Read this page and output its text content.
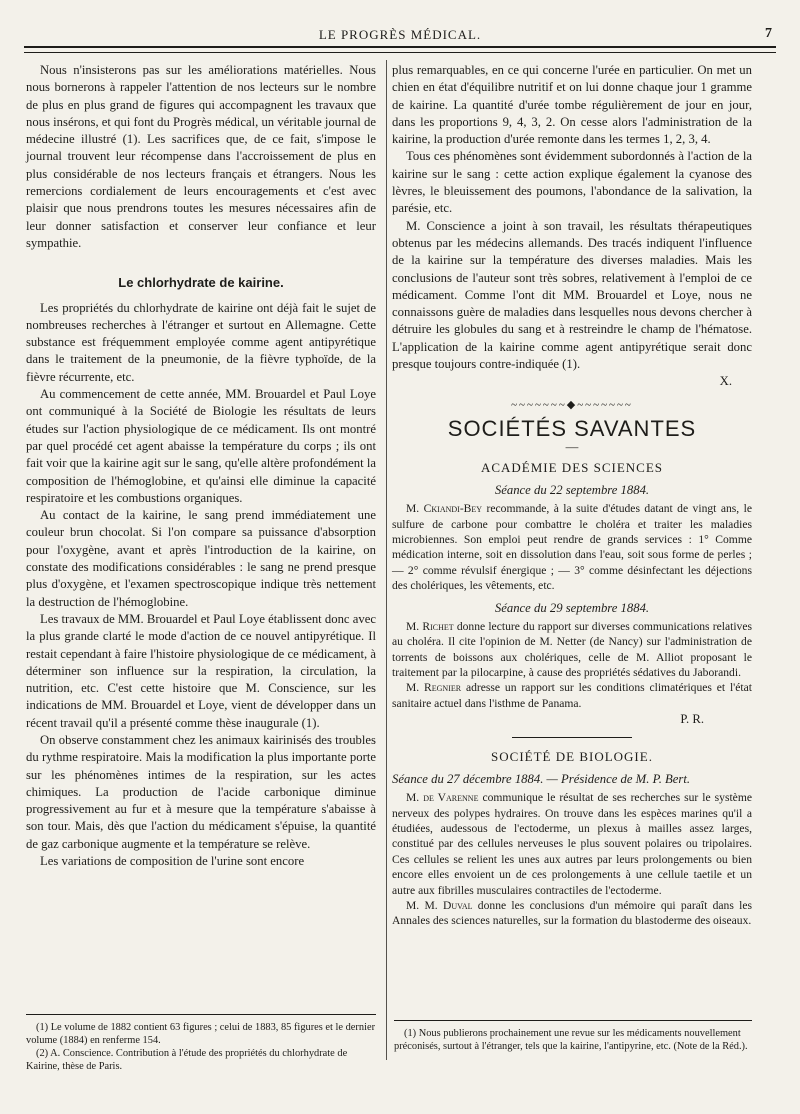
LE PROGRÈS MÉDICAL.	7

Nous n'insisterons pas sur les améliorations matérielles. Nous nous bornerons à rappeler l'attention de nos lecteurs sur le nombre de plus en plus grand de figures qui accompagnent les travaux que nous insérons, et qui font du Progrès médical, un véritable journal de médecine illustré (1). Les sacrifices que, de ce fait, s'impose le journal trouvent leur récompense dans l'accroissement de plus en plus considérable de nos lecteurs français et étrangers. Nous les remercions cordialement de leurs encouragements et c'est avec plaisir que nous prendrons toutes les mesures nécessaires afin de leur donner satisfaction et conserver leur confiance et leur sympathie.

Le chlorhydrate de kairine.

Les propriétés du chlorhydrate de kairine ont déjà fait le sujet de nombreuses recherches à l'étranger et surtout en Allemagne. Cette substance est fréquemment employée comme agent antipyrétique dans le traitement de la pneumonie, de la fièvre typhoïde, de la fièvre récurrente, etc.

Au commencement de cette année, MM. Brouardel et Paul Loye ont communiqué à la Société de Biologie les résultats de leurs études sur l'action physiologique de ce médicament. Ils ont montré par quel procédé cet agent abaisse la température du corps ; ils ont fait voir que la kairine agit sur le sang, qu'elle altère profondément la composition de l'hémoglobine, et qu'ainsi elle diminue la capacité respiratoire et les combustions organiques.

Au contact de la kairine, le sang prend immédiatement une couleur brun chocolat. Si l'on compare sa puissance d'absorption pour l'oxygène, avant et après l'introduction de la kairine, on constate des modifications considérables : le sang ne prend presque plus d'oxygène, et l'examen spectroscopique indique très nettement la destruction de l'hémoglobine.

Les travaux de MM. Brouardel et Paul Loye établissent donc avec la plus grande clarté le mode d'action de ce nouvel antipyrétique. Il restait cependant à faire l'histoire physiologique de ce médicament, à déterminer son influence sur la respiration, la circulation, la nutrition, etc. C'est cette histoire que M. Conscience, sur les indications de MM. Brouardel et Loye, vient de développer dans un récent travail qu'il a présenté comme thèse inaugurale (1).

On observe constamment chez les animaux kairinisés des troubles du rythme respiratoire. Mais la modification la plus importante porte sur les phénomènes intimes de la respiration, sur les actes chimiques. La production de l'acide carbonique diminue progressivement au fur et à mesure que la température s'abaisse à son tour. Mais, dès que l'action du médicament s'épuise, la quantité de gaz carbonique augmente et la température se relève.

Les variations de composition de l'urine sont encore

(1) Le volume de 1882 contient 63 figures ; celui de 1883, 85 figures et le dernier volume (1884) en renferme 154.

(2) A. Conscience. Contribution à l'étude des propriétés du chlorhydrate de Kairine, thèse de Paris.

plus remarquables, en ce qui concerne l'urée en particulier. On met un chien en état d'équilibre nutritif et on lui donne chaque jour 1 gramme de kairine. La quantité d'urée tombe régulièrement de jour en jour, dans les proportions 9, 4, 3, 2. On cesse alors l'administration de la kairine, la production d'urée remonte dans les termes 1, 2, 3, 4.

Tous ces phénomènes sont évidemment subordonnés à l'action de la kairine sur le sang : cette action explique également la cyanose des lèvres, le bleuissement des poumons, l'abondance de la salivation, la parésie, etc.

M. Conscience a joint à son travail, les résultats thérapeutiques obtenus par les médecins allemands. Des tracés indiquent l'influence de la kairine sur la température des diverses maladies. Mais les conclusions de l'auteur sont très sobres, relativement à l'emploi de ce médicament. Comme l'ont dit MM. Brouardel et Loye, nous ne connaissons guère de maladies dans lesquelles nous devons chercher à détruire les globules du sang et à restreindre le champ de l'hématose. L'application de la kairine comme agent antipyrétique serait donc presque toujours contre-indiquée (1).

X.
~~~~~~~◆~~~~~~~
SOCIÉTÉS SAVANTES
—
ACADÉMIE DES SCIENCES
Séance du 22 septembre 1884.

M. Ckiandi-Bey recommande, à la suite d'études datant de vingt ans, le sulfure de carbone pour combattre le choléra et traiter les maladies microbiennes. Son emploi peut rendre de grands services : 1° Comme médication interne, soit en dissolution dans l'eau, soit sous forme de perles ; — 2° comme révulsif énergique ; — 3° comme désinfectant les déjections des cholériques, les vêtements, etc.

Séance du 29 septembre 1884.

M. Richet donne lecture du rapport sur diverses communications relatives au choléra. Il cite l'opinion de M. Netter (de Nancy) sur l'administration de torrents de boissons aux cholériques, celle de M. Alliot proposant le traitement par la pilocarpine, à cause des propriétés sédatives du Jaborandi.

M. Regnier adresse un rapport sur les conditions climatériques et l'état sanitaire actuel dans l'isthme de Panama.

P. R.
SOCIÉTÉ DE BIOLOGIE.
Séance du 27 décembre 1884. — Présidence de M. P. Bert.

M. de Varenne communique le résultat de ses recherches sur le système nerveux des polypes hydraires. On trouve dans les espèces marines qu'il a étudiées, audessous de l'ectoderme, un plexus à mailles assez larges, constitué par des cellules nerveuses le plus souvent polaires ou tripolaires. Ces cellules se relient les unes aux autres par leurs prolongements ou bien encore elles envoient un de ces prolongements à une cellule taetile et un autre aux fibrilles musculaires contractiles de l'ectoderme.

M. M. Duval donne les conclusions d'un mémoire qui paraît dans les Annales des sciences naturelles, sur la formation du blastoderme des oiseaux.

(1) Nous publierons prochainement une revue sur les médicaments nouvellement préconisés, surtout à l'étranger, tels que la kairine, l'antipyrine, etc. (Note de la Réd.).
